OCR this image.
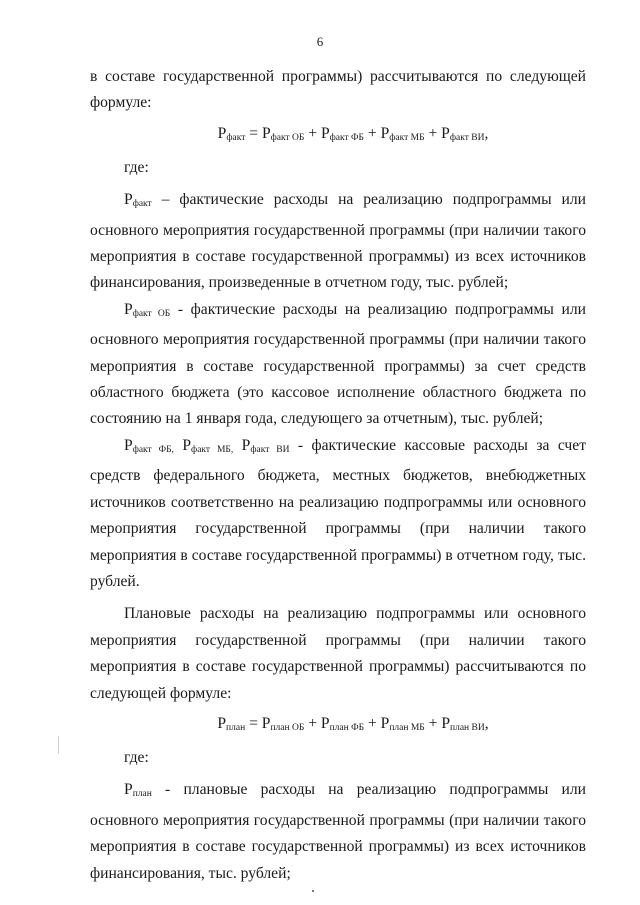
6

в составе государственной программы) рассчитываются по следующей формуле:

$Р_{факт} = Р_{факт ОБ} + Р_{факт ФБ} + Р_{факт МБ} + Р_{факт ВИ}$,

где:

$Р_{факт}$ – фактические расходы на реализацию подпрограммы или основного мероприятия государственной программы (при наличии такого мероприятия в составе государственной программы) из всех источников финансирования, произведенные в отчетном году, тыс. рублей;

$Р_{факт ОБ}$ - фактические расходы на реализацию подпрограммы или основного мероприятия государственной программы (при наличии такого мероприятия в составе государственной программы) за счет средств областного бюджета (это кассовое исполнение областного бюджета по состоянию на 1 января года, следующего за отчетным), тыс. рублей;

$Р_{факт ФБ,}$ $Р_{факт МБ,}$ $Р_{факт ВИ}$ - фактические кассовые расходы за счет средств федерального бюджета, местных бюджетов, внебюджетных источников соответственно на реализацию подпрограммы или основного мероприятия государственной программы (при наличии такого мероприятия в составе государственной программы) в отчетном году, тыс. рублей.

Плановые расходы на реализацию подпрограммы или основного мероприятия государственной программы (при наличии такого мероприятия в составе государственной программы) рассчитываются по следующей формуле:

$Р_{план} = Р_{план ОБ} + Р_{план ФБ} + Р_{план МБ} + Р_{план ВИ}$,

где:

$Р_{план}$ - плановые расходы на реализацию подпрограммы или основного мероприятия государственной программы (при наличии такого мероприятия в составе государственной программы) из всех источников финансирования, тыс. рублей;
